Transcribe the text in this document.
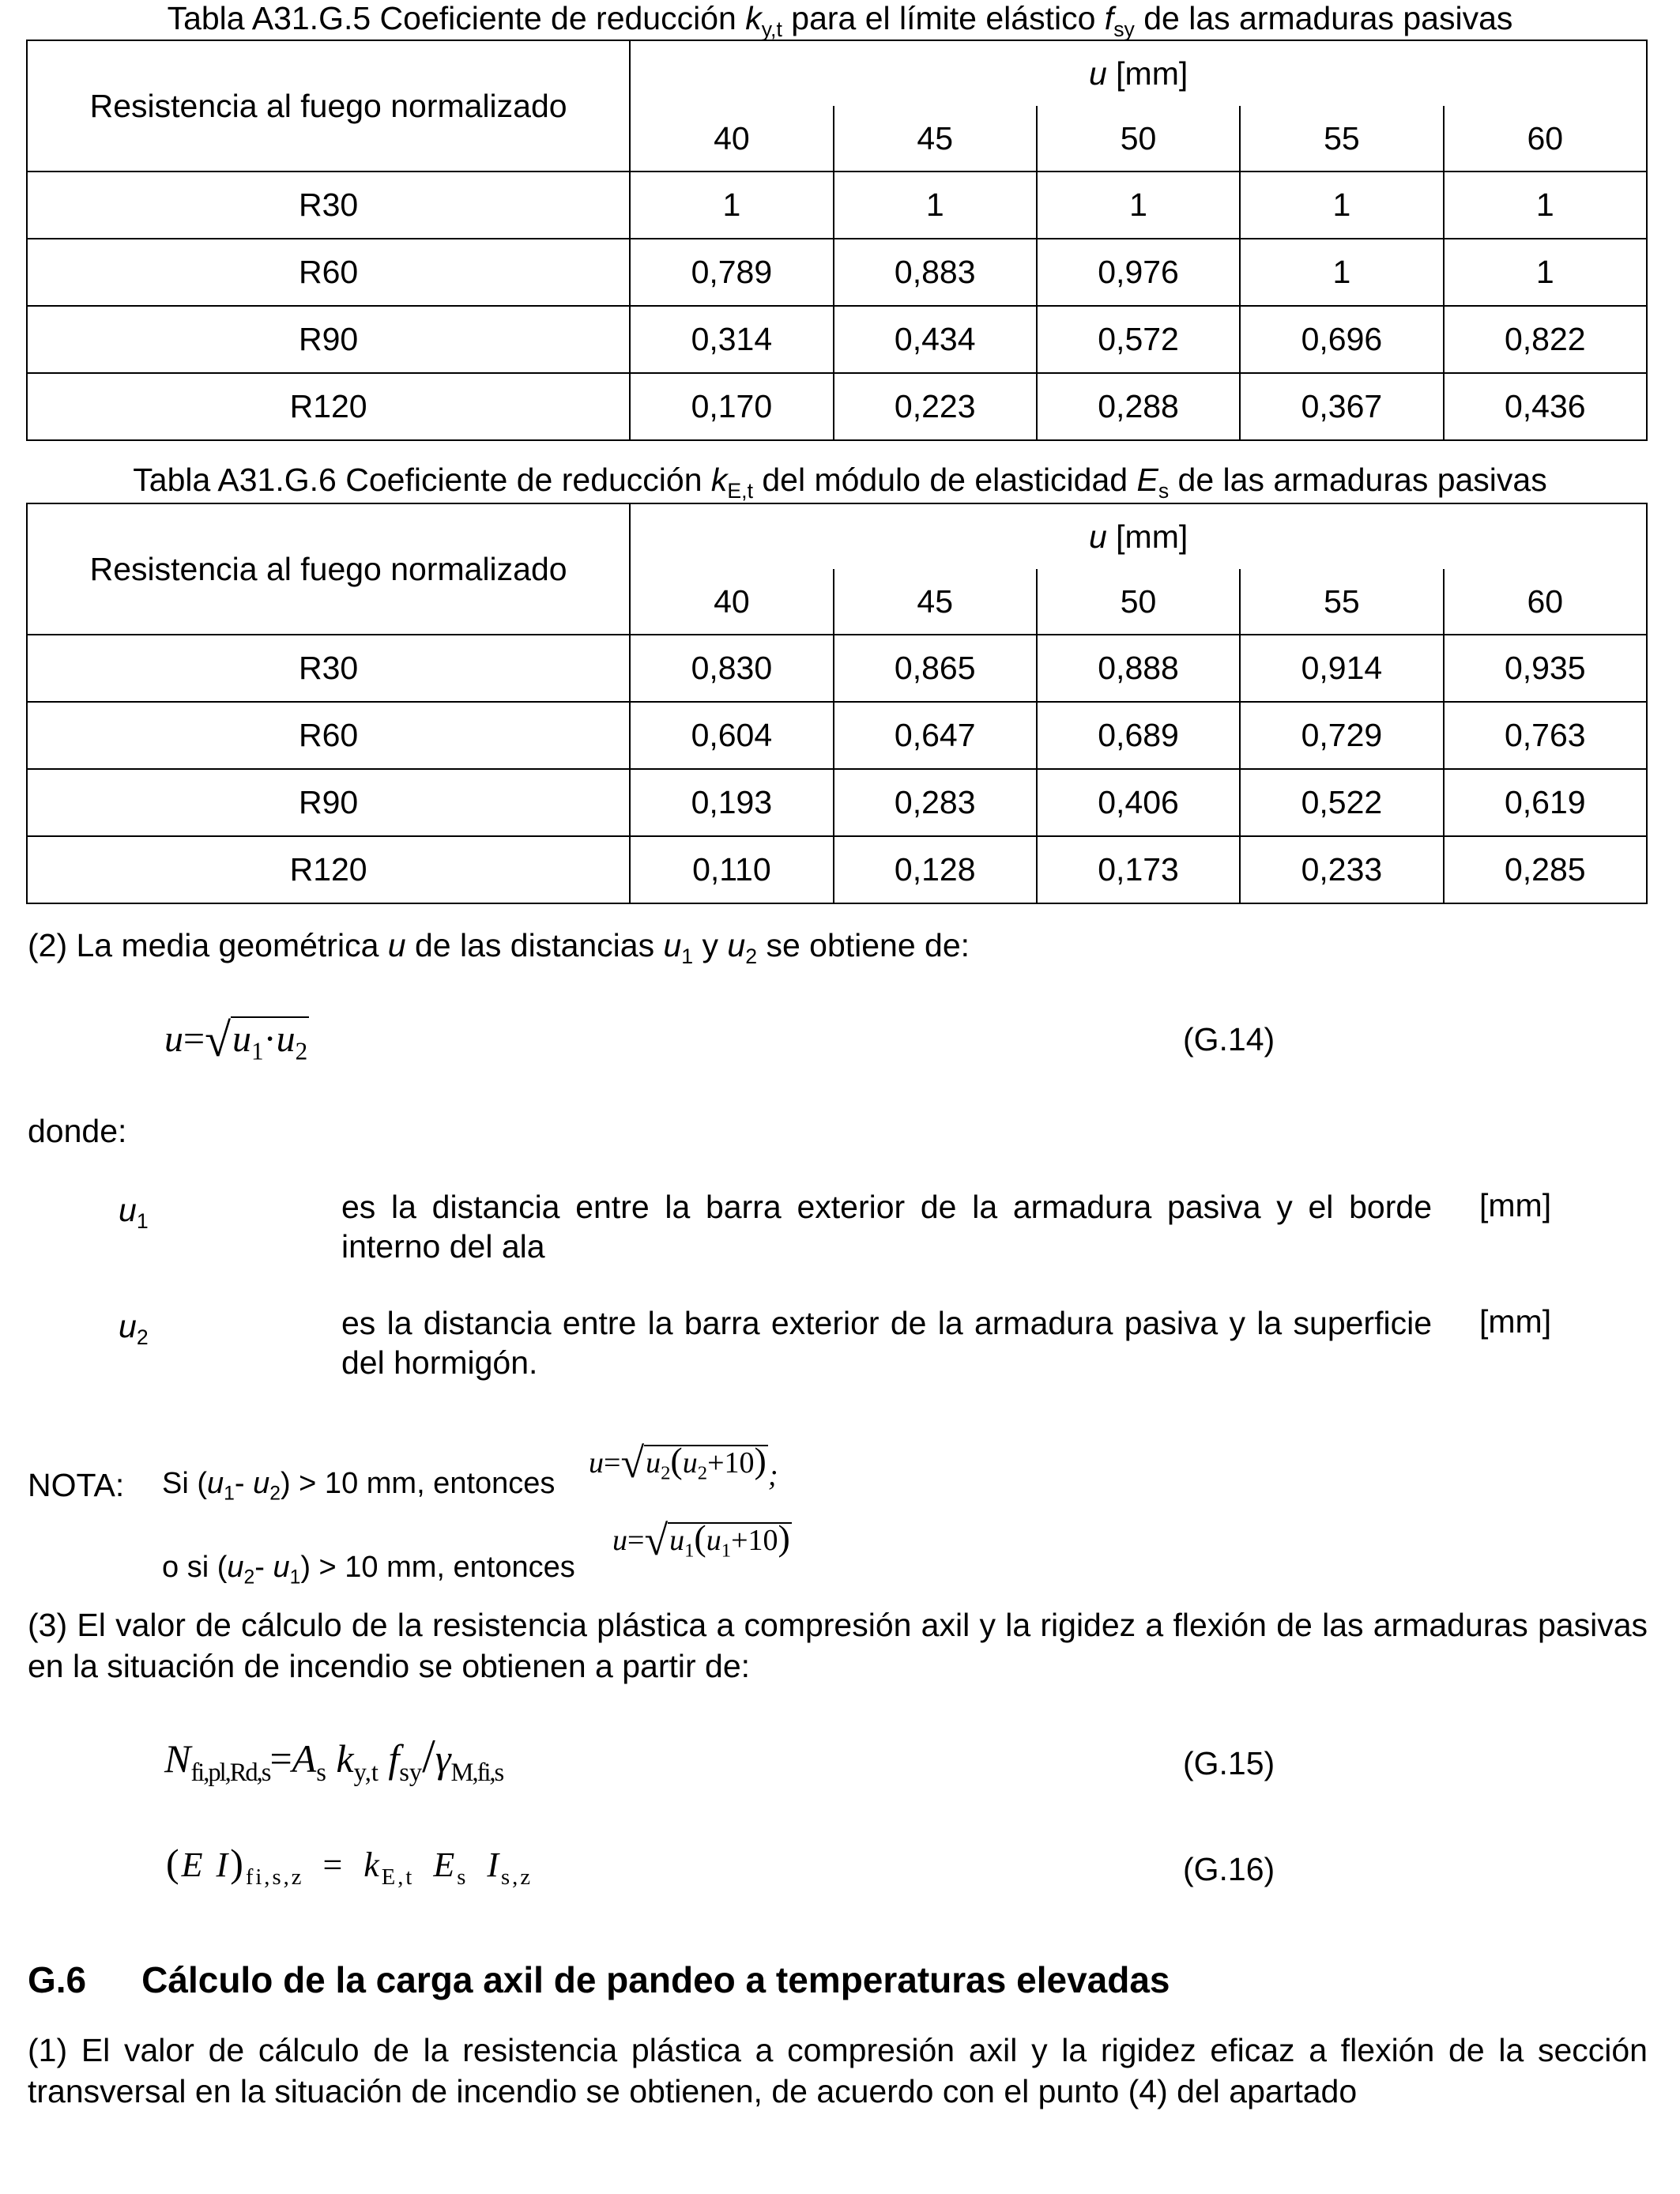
Tabla A31.G.5 Coeficiente de reducción $k_{y,t}$ para el límite elástico $f_{sy}$ de las armaduras pasivas
Resistencia al fuego normalizado	u [mm]				
	40	45	50	55	60
R30	1	1	1	1	1
R60	0,789	0,883	0,976	1	1
R90	0,314	0,434	0,572	0,696	0,822
R120	0,170	0,223	0,288	0,367	0,436
Tabla A31.G.6 Coeficiente de reducción $k_{E,t}$ del módulo de elasticidad $E_s$ de las armaduras pasivas
Resistencia al fuego normalizado	u [mm]				
	40	45	50	55	60
R30	0,830	0,865	0,888	0,914	0,935
R60	0,604	0,647	0,689	0,729	0,763
R90	0,193	0,283	0,406	0,522	0,619
R120	0,110	0,128	0,173	0,233	0,285
(2) La media geométrica u de las distancias $u_1$ y $u_2$ se obtiene de:
$u=√u_1\cdot u_2$	(G.14)
donde:
$u_1$	es la distancia entre la barra exterior de la armadura pasiva y el borde interno del ala
[mm]
$u_2$	es la distancia entre la barra exterior de la armadura pasiva y la superficie del hormigón.
[mm]
NOTA: Si ($u_1-$ $u_2) > 10$ mm, entonces
$u=√u_2(u_2+10)$;
o si ($u_2-$ $u_1) > 10$ mm, entonces
$u=√u_1(u_1+10)$
(3) El valor de cálculo de la resistencia plástica a compresión axil y la rigidez a flexión de las armaduras pasivas en la situación de incendio se obtienen a partir de:
$N_{fi,pl,Rd,s}=A_s$ $k_{y,t}$ $f_{sy}/\gamma_{M,fi,s}$	(G.15)
(E $I)_{fi,s,z} = k_{E,t}$ $E_s$ $I_{s,z}$	(G.16)
G.6 Cálculo de la carga axil de pandeo a temperaturas elevadas
(1) El valor de cálculo de la resistencia plástica a compresión axil y la rigidez eficaz a flexión de la sección transversal en la situación de incendio se obtienen, de acuerdo con el punto (4) del apartado
